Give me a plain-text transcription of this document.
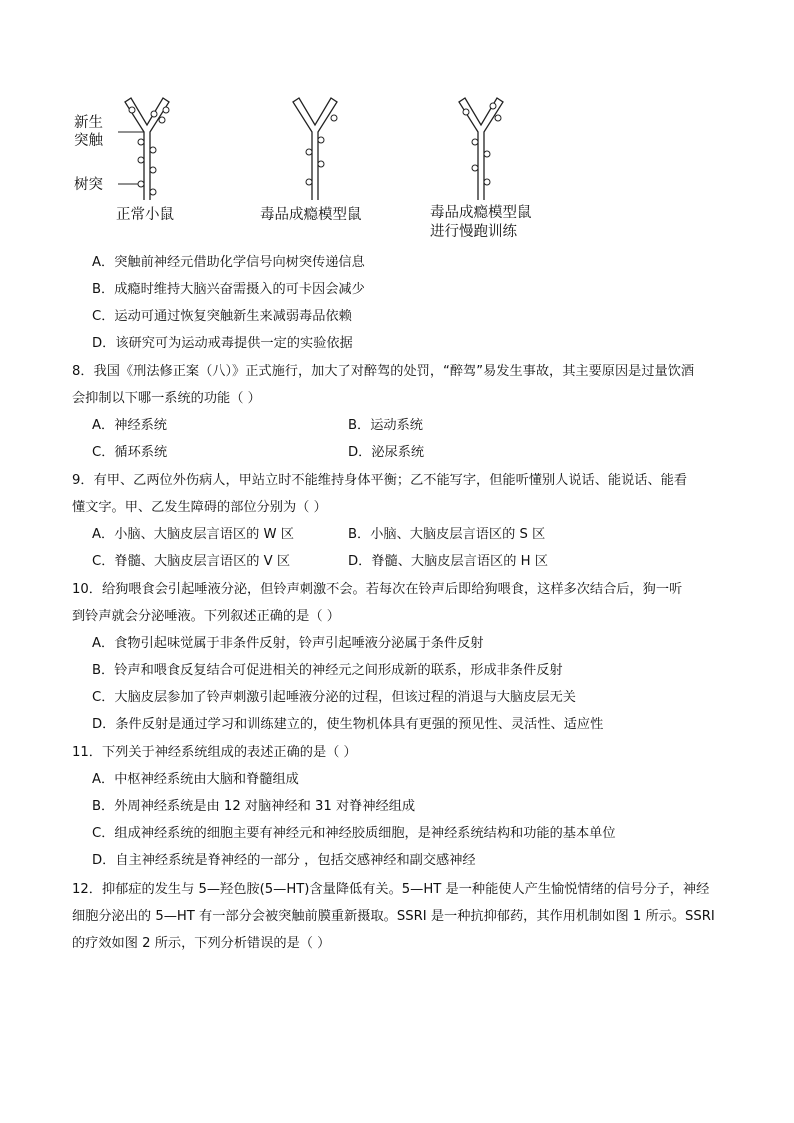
新生
突触
树突
正常小鼠	毒品成瘾模型鼠	毒品成瘾模型鼠
进行慢跑训练
A．突触前神经元借助化学信号向树突传递信息
B．成瘾时维持大脑兴奋需摄入的可卡因会减少
C．运动可通过恢复突触新生来减弱毒品依赖
D．该研究可为运动戒毒提供一定的实验依据
8．我国《刑法修正案（八）》正式施行，加大了对醉驾的处罚，“醉驾”易发生事故，其主要原因是过量饮酒
会抑制以下哪一系统的功能（ ）
A．神经系统	B．运动系统
C．循环系统	D．泌尿系统
9．有甲、乙两位外伤病人，甲站立时不能维持身体平衡；乙不能写字，但能听懂别人说话、能说话、能看
懂文字。甲、乙发生障碍的部位分别为（ ）
A．小脑、大脑皮层言语区的 W 区	B．小脑、大脑皮层言语区的 S 区
C．脊髓、大脑皮层言语区的 V 区	D．脊髓、大脑皮层言语区的 H 区
10．给狗喂食会引起唾液分泌，但铃声刺激不会。若每次在铃声后即给狗喂食，这样多次结合后，狗一听
到铃声就会分泌唾液。下列叙述正确的是（ ）
A．食物引起味觉属于非条件反射，铃声引起唾液分泌属于条件反射
B．铃声和喂食反复结合可促进相关的神经元之间形成新的联系，形成非条件反射
C．大脑皮层参加了铃声刺激引起唾液分泌的过程，但该过程的消退与大脑皮层无关
D．条件反射是通过学习和训练建立的，使生物机体具有更强的预见性、灵活性、适应性
11．下列关于神经系统组成的表述正确的是（ ）
A．中枢神经系统由大脑和脊髓组成
B．外周神经系统是由 12 对脑神经和 31 对脊神经组成
C．组成神经系统的细胞主要有神经元和神经胶质细胞，是神经系统结构和功能的基本单位
D．自主神经系统是脊神经的一部分 ，包括交感神经和副交感神经
12．抑郁症的发生与 5—羟色胺(5—HT)含量降低有关。5—HT 是一种能使人产生愉悦情绪的信号分子，神经
细胞分泌出的 5—HT 有一部分会被突触前膜重新摄取。SSRI 是一种抗抑郁药，其作用机制如图 1 所示。SSRI
的疗效如图 2 所示，下列分析错误的是（ ）
